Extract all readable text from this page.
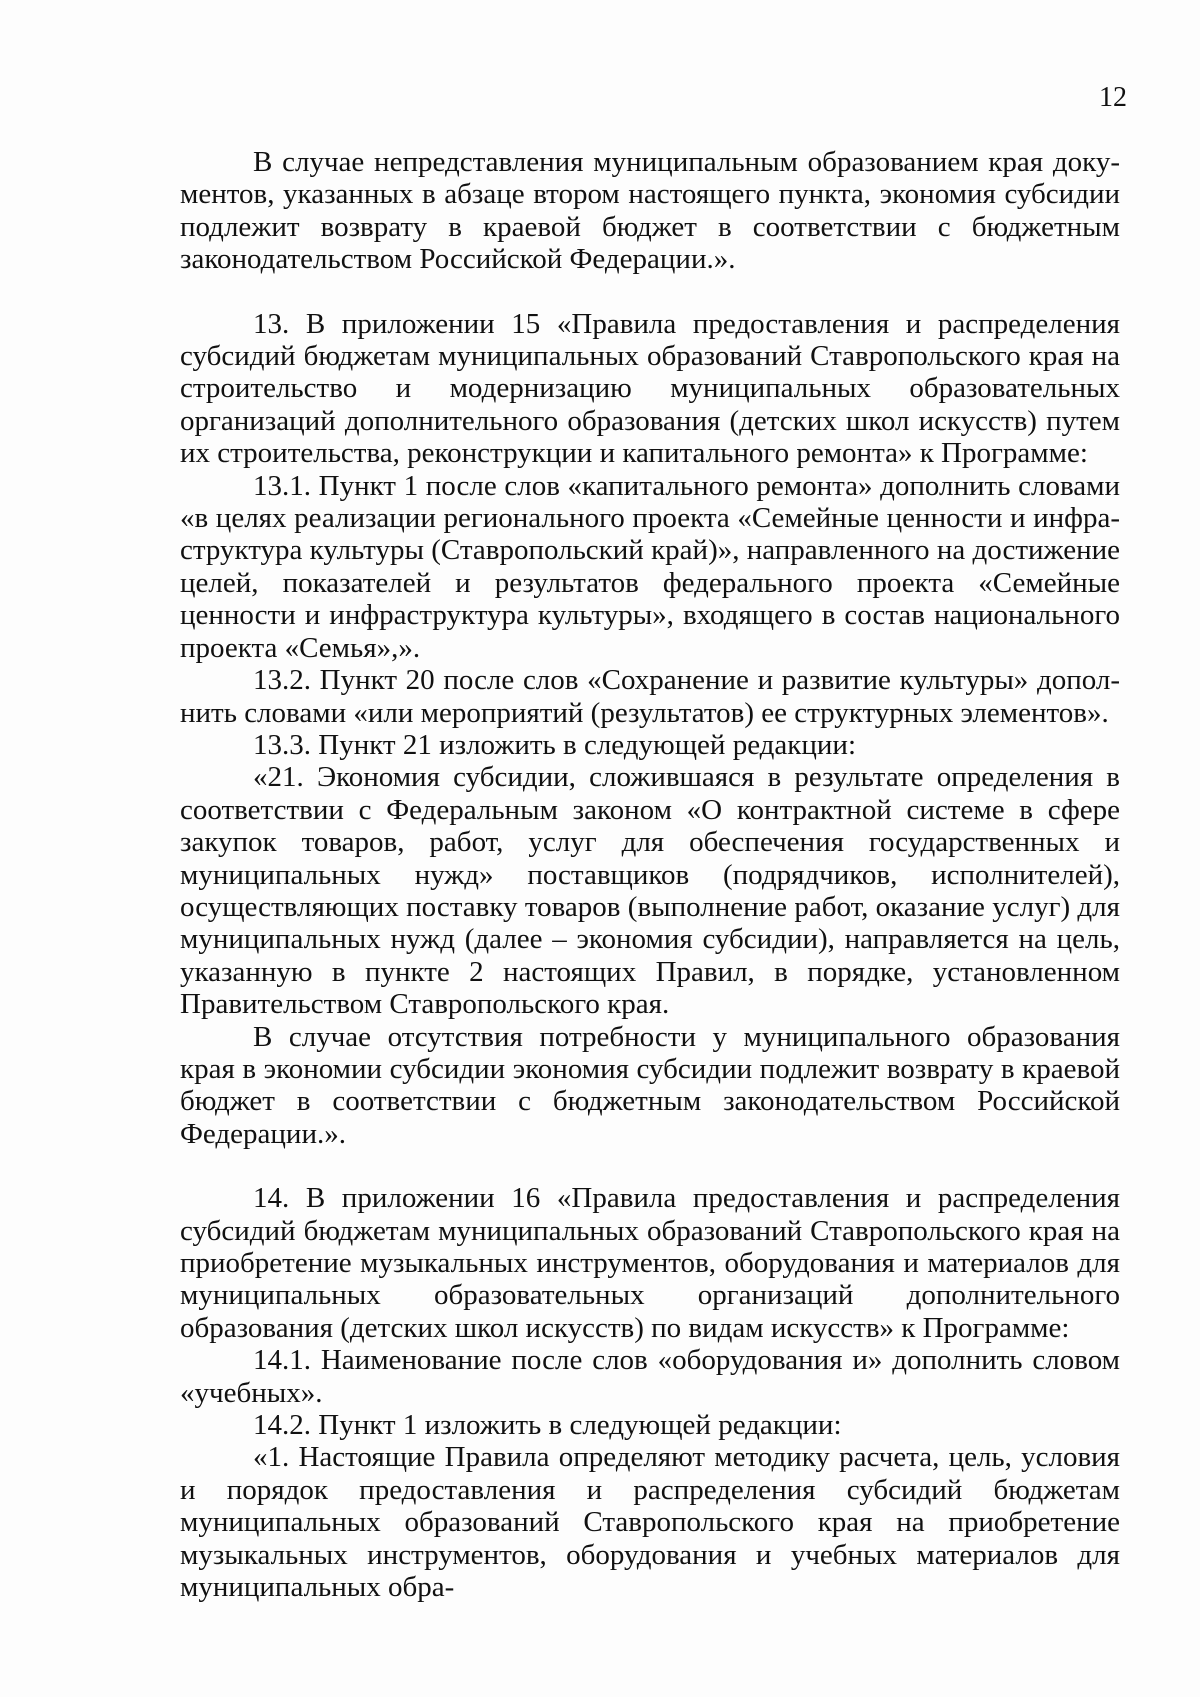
12

В случае непредставления муниципальным образованием края документов, указанных в абзаце втором настоящего пункта, экономия субсидии подлежит возврату в краевой бюджет в соответствии с бюджетным законодательством Российской Федерации.».

13. В приложении 15 «Правила предоставления и распределения субсидий бюджетам муниципальных образований Ставропольского края на строительство и модернизацию муниципальных образовательных организаций дополнительного образования (детских школ искусств) путем их строительства, реконструкции и капитального ремонта» к Программе:

13.1. Пункт 1 после слов «капитального ремонта» дополнить словами «в целях реализации регионального проекта «Семейные ценности и инфраструктура культуры (Ставропольский край)», направленного на достижение целей, показателей и результатов федерального проекта «Семейные ценности и инфраструктура культуры», входящего в состав национального проекта «Семья»,».

13.2. Пункт 20 после слов «Сохранение и развитие культуры» дополнить словами «или мероприятий (результатов) ее структурных элементов».

13.3. Пункт 21 изложить в следующей редакции:

«21. Экономия субсидии, сложившаяся в результате определения в соответствии с Федеральным законом «О контрактной системе в сфере закупок товаров, работ, услуг для обеспечения государственных и муниципальных нужд» поставщиков (подрядчиков, исполнителей), осуществляющих поставку товаров (выполнение работ, оказание услуг) для муниципальных нужд (далее – экономия субсидии), направляется на цель, указанную в пункте 2 настоящих Правил, в порядке, установленном Правительством Ставропольского края.

В случае отсутствия потребности у муниципального образования края в экономии субсидии экономия субсидии подлежит возврату в краевой бюджет в соответствии с бюджетным законодательством Российской Федерации.».

14. В приложении 16 «Правила предоставления и распределения субсидий бюджетам муниципальных образований Ставропольского края на приобретение музыкальных инструментов, оборудования и материалов для муниципальных образовательных организаций дополнительного образования (детских школ искусств) по видам искусств» к Программе:

14.1. Наименование после слов «оборудования и» дополнить словом «учебных».

14.2. Пункт 1 изложить в следующей редакции:

«1. Настоящие Правила определяют методику расчета, цель, условия и порядок предоставления и распределения субсидий бюджетам муниципальных образований Ставропольского края на приобретение музыкальных инструментов, оборудования и учебных материалов для муниципальных обра-
